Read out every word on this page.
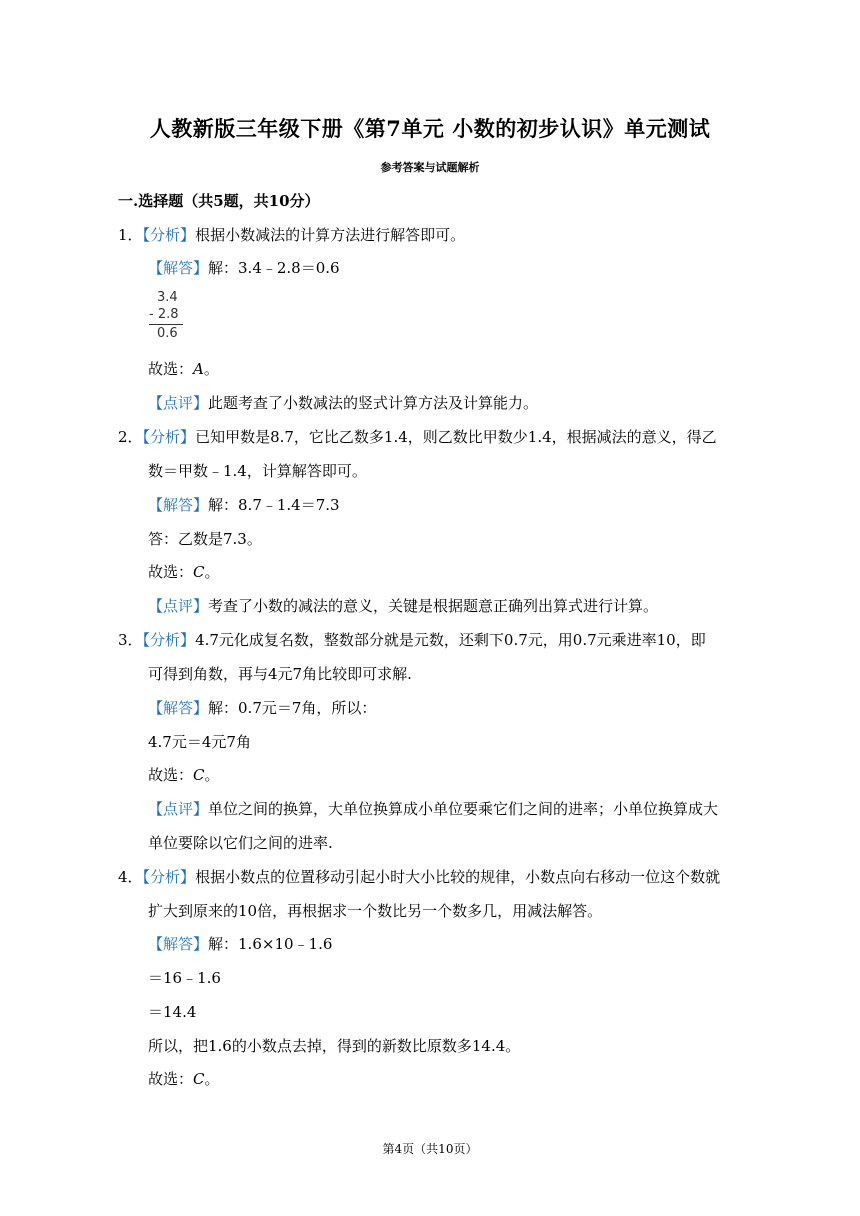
人教新版三年级下册《第7单元 小数的初步认识》单元测试
参考答案与试题解析
一.选择题（共5题，共10分）
1．【分析】根据小数减法的计算方法进行解答即可。
【解答】解：3.4﹣2.8＝0.6
3.4
- 2.8
0.6
故选：A。
【点评】此题考查了小数减法的竖式计算方法及计算能力。
2．【分析】已知甲数是8.7，它比乙数多1.4，则乙数比甲数少1.4，根据减法的意义，得乙
数＝甲数﹣1.4，计算解答即可。
【解答】解：8.7﹣1.4＝7.3
答：乙数是7.3。
故选：C。
【点评】考查了小数的减法的意义，关键是根据题意正确列出算式进行计算。
3．【分析】4.7元化成复名数，整数部分就是元数，还剩下0.7元，用0.7元乘进率10，即
可得到角数，再与4元7角比较即可求解.
【解答】解：0.7元＝7角，所以：
4.7元＝4元7角
故选：C。
【点评】单位之间的换算，大单位换算成小单位要乘它们之间的进率；小单位换算成大
单位要除以它们之间的进率.
4．【分析】根据小数点的位置移动引起小时大小比较的规律，小数点向右移动一位这个数就
扩大到原来的10倍，再根据求一个数比另一个数多几，用减法解答。
【解答】解：1.6×10﹣1.6
＝16﹣1.6
＝14.4
所以，把1.6的小数点去掉，得到的新数比原数多14.4。
故选：C。
第4页（共10页）
